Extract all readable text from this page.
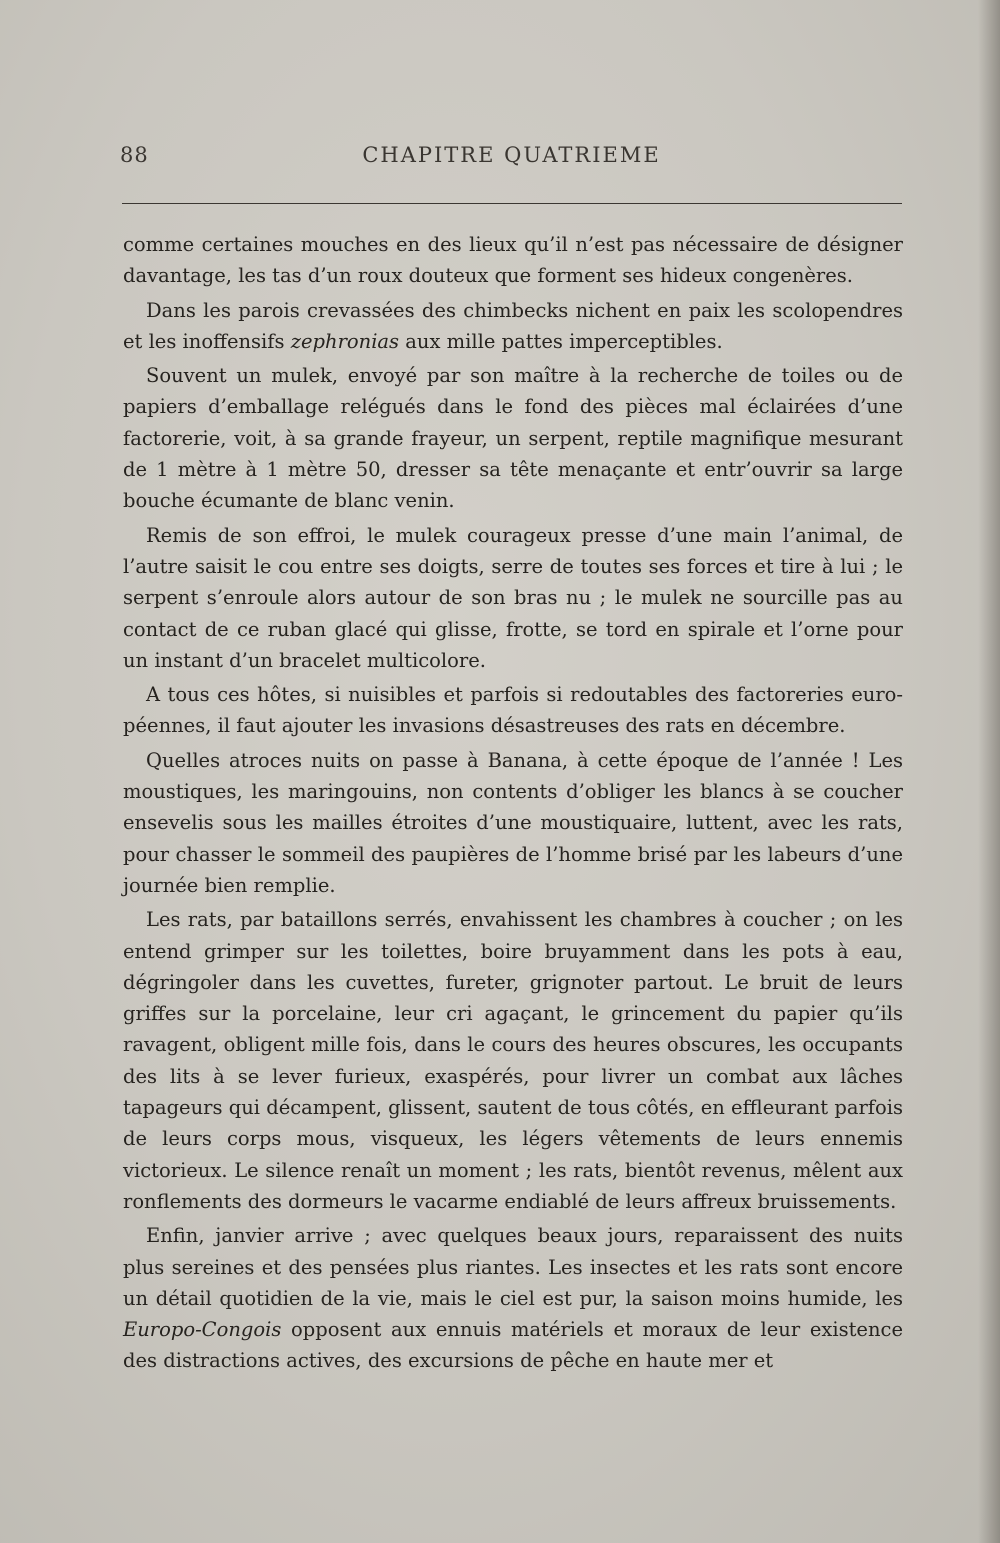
88	CHAPITRE QUATRIEME

comme certaines mouches en des lieux qu’il n’est pas nécessaire de désigner davantage, les tas d’un roux douteux que forment ses hideux congenères.

Dans les parois crevassées des chimbecks nichent en paix les scolopendres et les inoffensifs zephronias aux mille pattes imperceptibles.

Souvent un mulek, envoyé par son maître à la recherche de toiles ou de papiers d’emballage relégués dans le fond des pièces mal éclairées d’une factorerie, voit, à sa grande frayeur, un serpent, reptile magnifique mesurant de 1 mètre à 1 mètre 50, dresser sa tête menaçante et entr’ouvrir sa large bouche écumante de blanc venin.

Remis de son effroi, le mulek courageux presse d’une main l’animal, de l’autre saisit le cou entre ses doigts, serre de toutes ses forces et tire à lui ; le serpent s’enroule alors autour de son bras nu ; le mulek ne sourcille pas au contact de ce ruban glacé qui glisse, frotte, se tord en spirale et l’orne pour un instant d’un bracelet multicolore.

A tous ces hôtes, si nuisibles et parfois si redoutables des factoreries européennes, il faut ajouter les invasions désastreuses des rats en décembre.

Quelles atroces nuits on passe à Banana, à cette époque de l’année ! Les moustiques, les maringouins, non contents d’obliger les blancs à se coucher ensevelis sous les mailles étroites d’une moustiquaire, luttent, avec les rats, pour chasser le sommeil des paupières de l’homme brisé par les labeurs d’une journée bien remplie.

Les rats, par bataillons serrés, envahissent les chambres à coucher ; on les entend grimper sur les toilettes, boire bruyamment dans les pots à eau, dégringoler dans les cuvettes, fureter, grignoter partout. Le bruit de leurs griffes sur la porcelaine, leur cri agaçant, le grincement du papier qu’ils ravagent, obligent mille fois, dans le cours des heures obscures, les occupants des lits à se lever furieux, exaspérés, pour livrer un combat aux lâches tapageurs qui décampent, glissent, sautent de tous côtés, en effleurant parfois de leurs corps mous, visqueux, les légers vêtements de leurs ennemis victorieux. Le silence renaît un moment ; les rats, bientôt revenus, mêlent aux ronflements des dormeurs le vacarme endiablé de leurs affreux bruissements.

Enfin, janvier arrive ; avec quelques beaux jours, reparaissent des nuits plus sereines et des pensées plus riantes. Les insectes et les rats sont encore un détail quotidien de la vie, mais le ciel est pur, la saison moins humide, les Europo-Congois opposent aux ennuis matériels et moraux de leur existence des distractions actives, des excursions de pêche en haute mer et
